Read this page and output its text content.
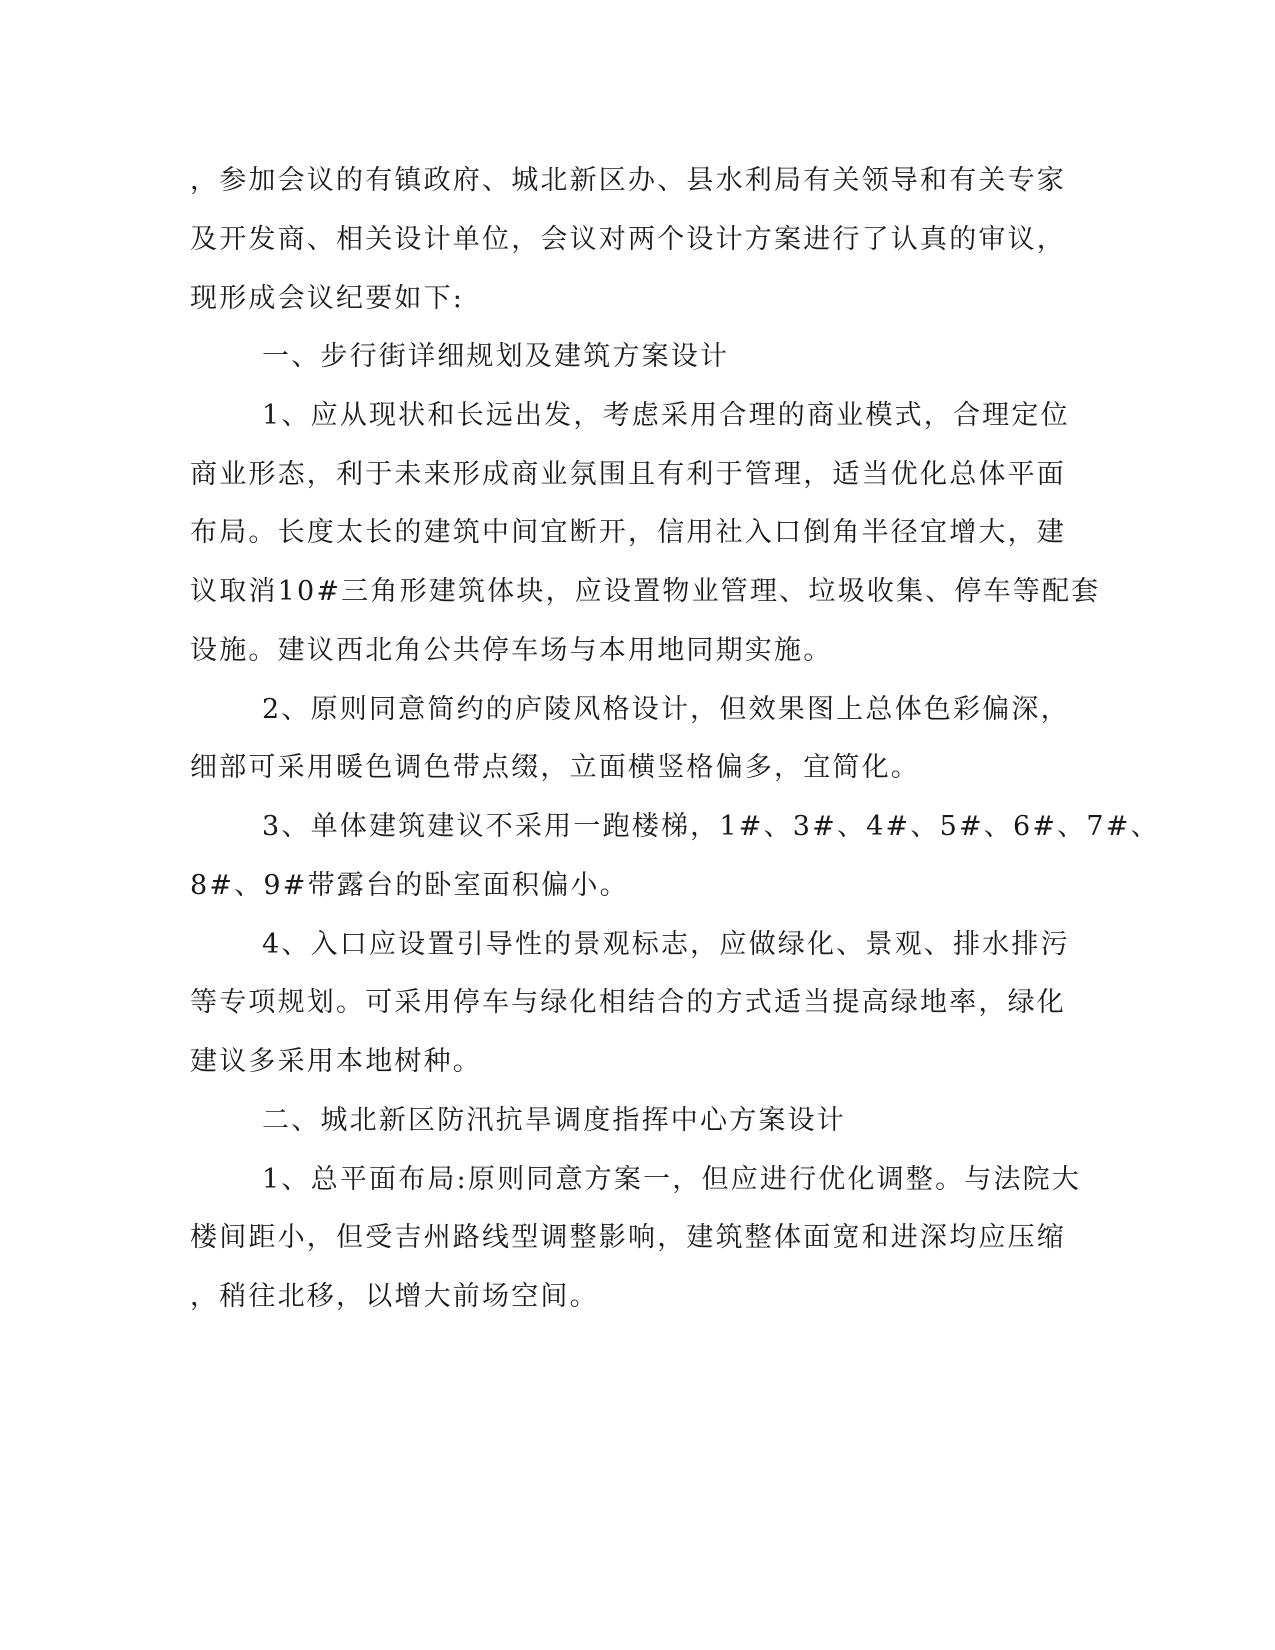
，参加会议的有镇政府、城北新区办、县水利局有关领导和有关专家
及开发商、相关设计单位，会议对两个设计方案进行了认真的审议，
现形成会议纪要如下:
一、步行街详细规划及建筑方案设计
1、应从现状和长远出发，考虑采用合理的商业模式，合理定位
商业形态，利于未来形成商业氛围且有利于管理，适当优化总体平面
布局。长度太长的建筑中间宜断开，信用社入口倒角半径宜增大，建
议取消10#三角形建筑体块，应设置物业管理、垃圾收集、停车等配套
设施。建议西北角公共停车场与本用地同期实施。
2、原则同意简约的庐陵风格设计，但效果图上总体色彩偏深，
细部可采用暖色调色带点缀，立面横竖格偏多，宜简化。
3、单体建筑建议不采用一跑楼梯，1#、3#、4#、5#、6#、7#、
8#、9#带露台的卧室面积偏小。
4、入口应设置引导性的景观标志，应做绿化、景观、排水排污
等专项规划。可采用停车与绿化相结合的方式适当提高绿地率，绿化
建议多采用本地树种。
二、城北新区防汛抗旱调度指挥中心方案设计
1、总平面布局:原则同意方案一，但应进行优化调整。与法院大
楼间距小，但受吉州路线型调整影响，建筑整体面宽和进深均应压缩
，稍往北移，以增大前场空间。
